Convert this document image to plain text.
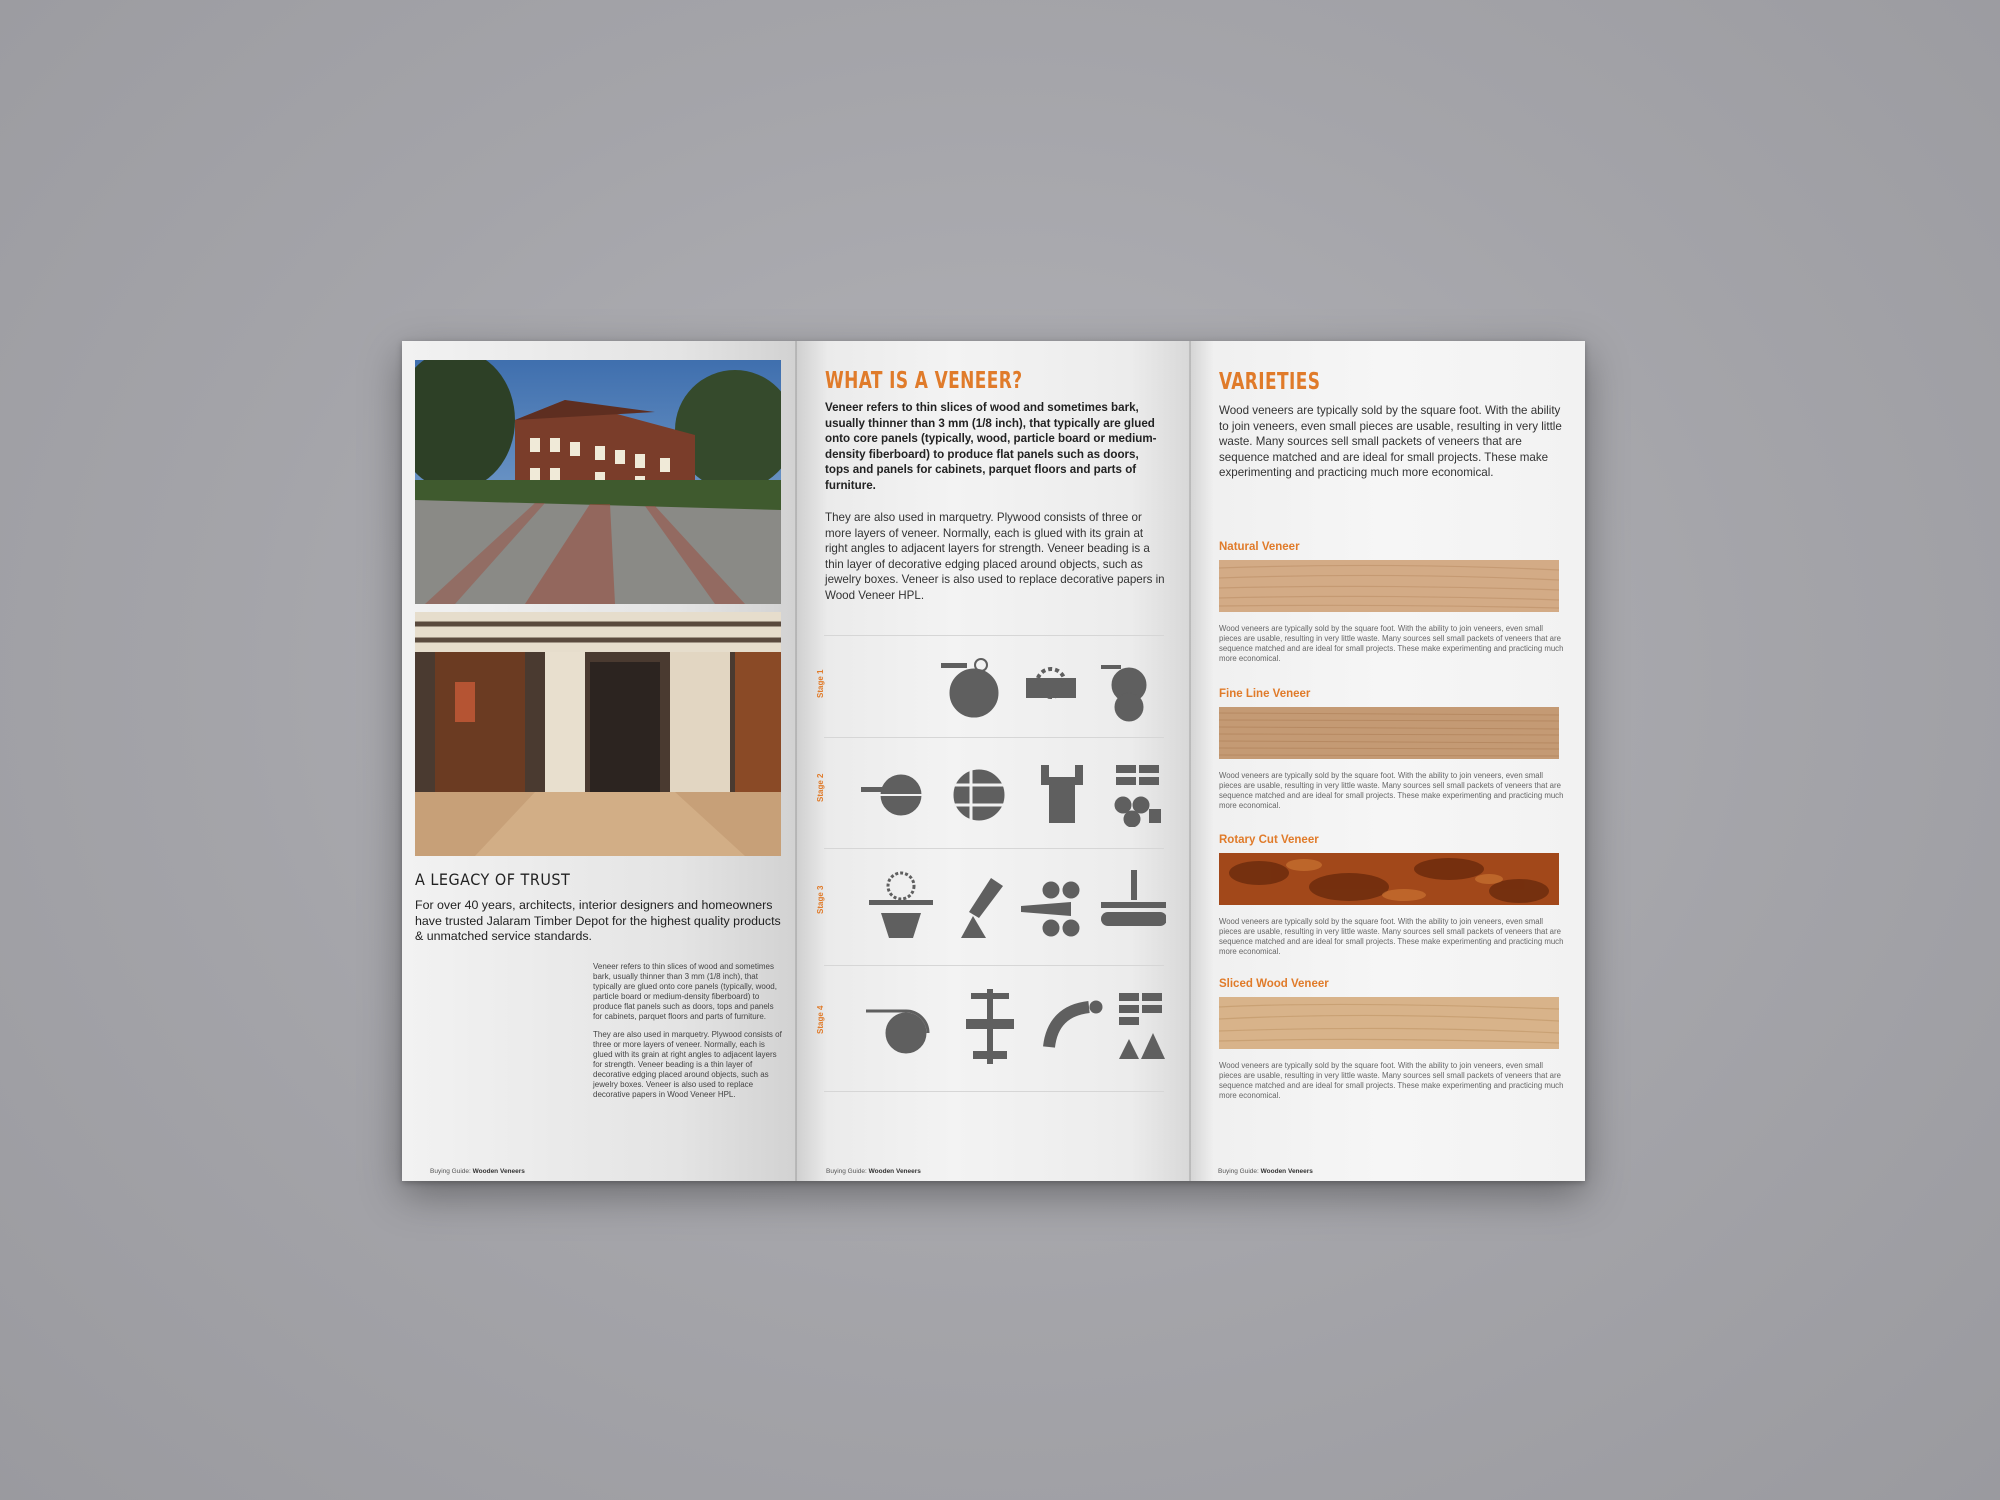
A LEGACY OF TRUST

For over 40 years, architects, interior designers and homeowners have trusted Jalaram Timber Depot for the highest quality products & unmatched service standards.

Veneer refers to thin slices of wood and sometimes bark, usually thinner than 3 mm (1/8 inch), that typically are glued onto core panels (typically, wood, particle board or medium-density fiberboard) to produce flat panels such as doors, tops and panels for cabinets, parquet floors and parts of furniture.

They are also used in marquetry. Plywood consists of three or more layers of veneer. Normally, each is glued with its grain at right angles to adjacent layers for strength. Veneer beading is a thin layer of decorative edging placed around objects, such as jewelry boxes. Veneer is also used to replace decorative papers in Wood Veneer HPL.

Buying Guide: Wooden Veneers
WHAT IS A VENEER?

Veneer refers to thin slices of wood and sometimes bark, usually thinner than 3 mm (1/8 inch), that typically are glued onto core panels (typically, wood, particle board or medium-density fiberboard) to produce flat panels such as doors, tops and panels for cabinets, parquet floors and parts of furniture.

They are also used in marquetry. Plywood consists of three or more layers of veneer. Normally, each is glued with its grain at right angles to adjacent layers for strength. Veneer beading is a thin layer of decorative edging placed around objects, such as jewelry boxes. Veneer is also used to replace decorative papers in Wood Veneer HPL.

Stage 1
Stage 2
Stage 3
Stage 4
Buying Guide: Wooden Veneers
VARIETIES

Wood veneers are typically sold by the square foot. With the ability to join veneers, even small pieces are usable, resulting in very little waste. Many sources sell small packets of veneers that are sequence matched and are ideal for small projects. These make experimenting and practicing much more economical.

Natural Veneer

Wood veneers are typically sold by the square foot. With the ability to join veneers, even small pieces are usable, resulting in very little waste. Many sources sell small packets of veneers that are sequence matched and are ideal for small projects. These make experimenting and practicing much more economical.

Fine Line Veneer

Wood veneers are typically sold by the square foot. With the ability to join veneers, even small pieces are usable, resulting in very little waste. Many sources sell small packets of veneers that are sequence matched and are ideal for small projects. These make experimenting and practicing much more economical.

Rotary Cut Veneer

Wood veneers are typically sold by the square foot. With the ability to join veneers, even small pieces are usable, resulting in very little waste. Many sources sell small packets of veneers that are sequence matched and are ideal for small projects. These make experimenting and practicing much more economical.

Sliced Wood Veneer

Wood veneers are typically sold by the square foot. With the ability to join veneers, even small pieces are usable, resulting in very little waste. Many sources sell small packets of veneers that are sequence matched and are ideal for small projects. These make experimenting and practicing much more economical.

Buying Guide: Wooden Veneers
